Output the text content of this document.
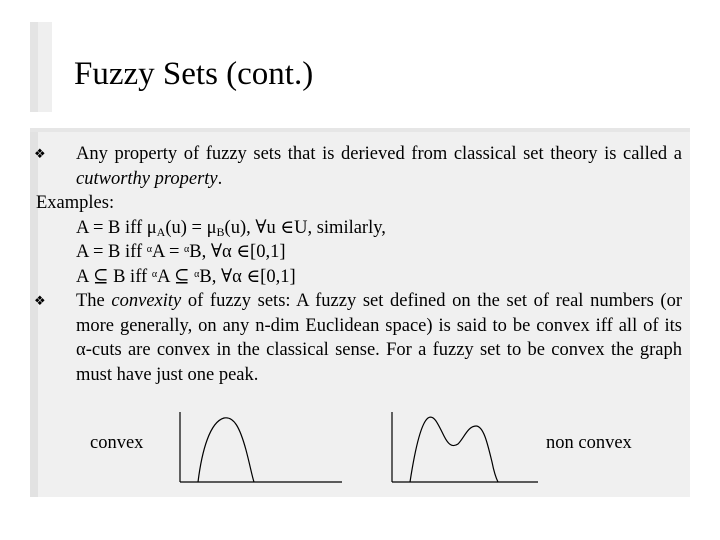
Fuzzy Sets (cont.)
❖ Any property of fuzzy sets that is derieved from classical set theory is called a cutworthy property.
Examples:
A = B iff $\mu_A(u) = \mu_B(u)$, ∀u ∈U, similarly,
A = B iff $^\alpha$A = $^\alpha$B, ∀α ∈[0,1]
A ⊆ B iff $^\alpha$A ⊆ $^\alpha$B, ∀α ∈[0,1]
❖ The convexity of fuzzy sets: A fuzzy set defined on the set of real numbers (or more generally, on any n-dim Euclidean space) is said to be convex iff all of its α-cuts are convex in the classical sense. For a fuzzy set to be convex the graph must have just one peak.
convex	non convex
